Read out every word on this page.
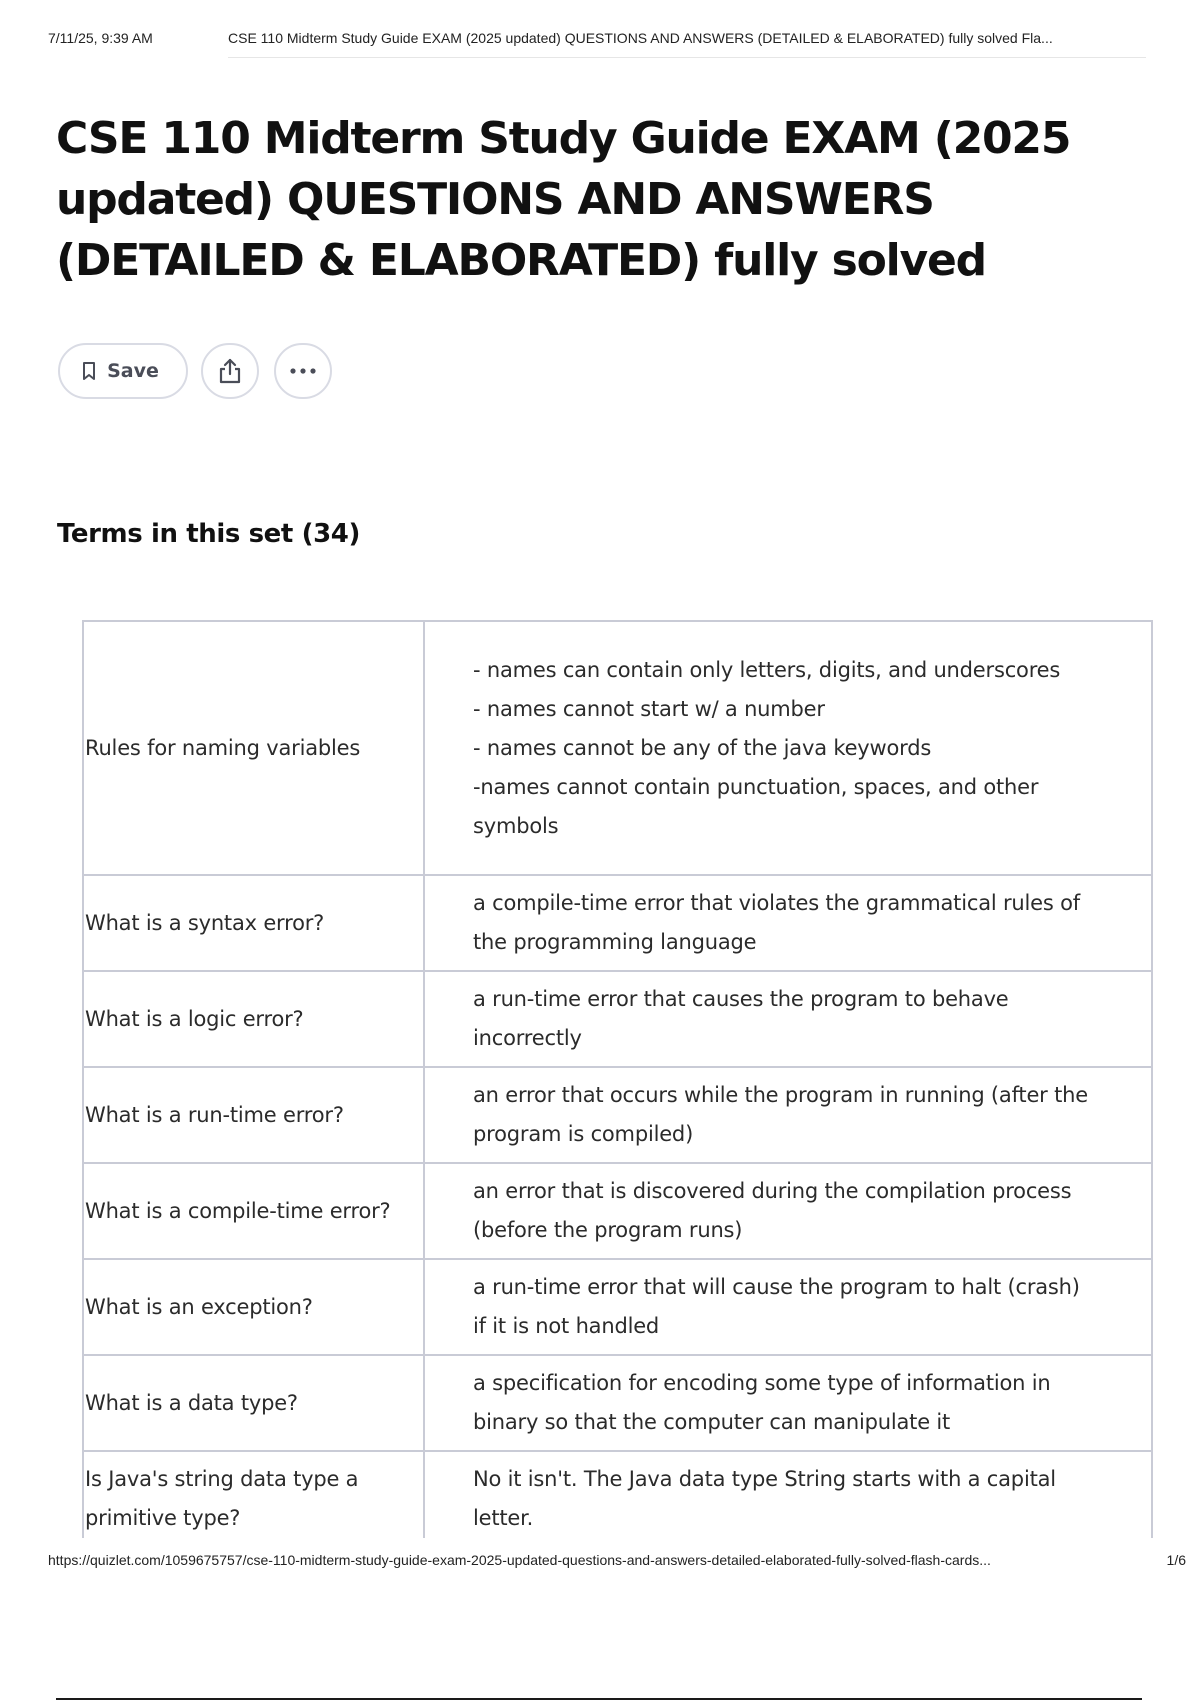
7/11/25, 9:39 AM	CSE 110 Midterm Study Guide EXAM (2025 updated) QUESTIONS AND ANSWERS (DETAILED & ELABORATED) fully solved Fla...
CSE 110 Midterm Study Guide EXAM (2025 updated) QUESTIONS AND ANSWERS (DETAILED & ELABORATED) fully solved
Save
Terms in this set (34)
Rules for naming variables	- names can contain only letters, digits, and underscores
- names cannot start w/ a number
- names cannot be any of the java keywords
-names cannot contain punctuation, spaces, and other symbols

What is a syntax error?	a compile-time error that violates the grammatical rules of the programming language
What is a logic error?	a run-time error that causes the program to behave incorrectly
What is a run-time error?	an error that occurs while the program in running (after the program is compiled)
What is a compile-time error?	an error that is discovered during the compilation process (before the program runs)
What is an exception?	a run-time error that will cause the program to halt (crash) if it is not handled
What is a data type?	a specification for encoding some type of information in binary so that the computer can manipulate it
Is Java's string data type a primitive type?	No it isn't. The Java data type String starts with a capital letter.
https://quizlet.com/1059675757/cse-110-midterm-study-guide-exam-2025-updated-questions-and-answers-detailed-elaborated-fully-solved-flash-cards...	1/6
